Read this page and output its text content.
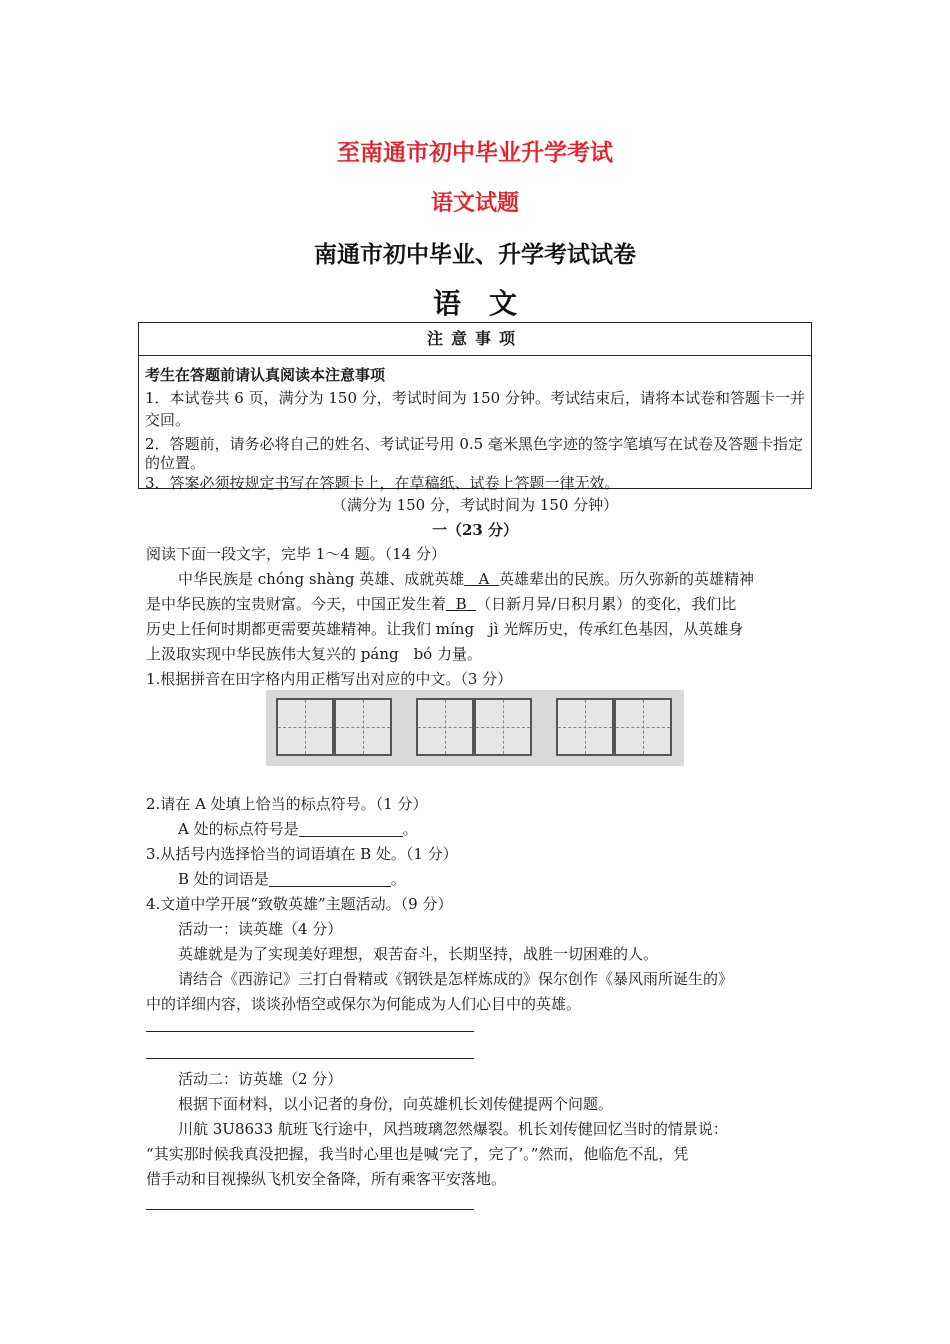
至南通市初中毕业升学考试
语文试题
南通市初中毕业、升学考试试卷
语　文
注意事项
考生在答题前请认真阅读本注意事项
1．本试卷共 6 页，满分为 150 分，考试时间为 150 分钟。考试结束后，请将本试卷和答题卡一并交回。
2．答题前，请务必将自己的姓名、考试证号用 0.5 毫米黑色字迹的签字笔填写在试卷及答题卡指定的位置。
3．答案必须按规定书写在答题卡上，在草稿纸、试卷上答题一律无效。
（满分为 150 分，考试时间为 150 分钟）
一（23 分）
阅读下面一段文字，完毕 1～4 题。（14 分）
中华民族是 chóng shàng 英雄、成就英雄 A 英雄辈出的民族。历久弥新的英雄精神
是中华民族的宝贵财富。今天，中国正发生着 B （日新月异/日积月累）的变化，我们比
历史上任何时期都更需要英雄精神。让我们 míng　jì 光辉历史，传承红色基因，从英雄身
上汲取实现中华民族伟大复兴的 páng　bó 力量。
1.根据拼音在田字格内用正楷写出对应的中文。（3 分）
2.请在 A 处填上恰当的标点符号。（1 分）
A 处的标点符号是	。
3.从括号内选择恰当的词语填在 B 处。（1 分）
B 处的词语是	。
4.文道中学开展“致敬英雄”主题活动。（9 分）
活动一：读英雄（4 分）
英雄就是为了实现美好理想，艰苦奋斗，长期坚持，战胜一切困难的人。
请结合《西游记》三打白骨精或《钢铁是怎样炼成的》保尔创作《暴风雨所诞生的》
中的详细内容，谈谈孙悟空或保尔为何能成为人们心目中的英雄。
活动二：访英雄（2 分）
根据下面材料，以小记者的身份，向英雄机长刘传健提两个问题。
川航 3U8633 航班飞行途中，风挡玻璃忽然爆裂。机长刘传健回忆当时的情景说：
“其实那时候我真没把握，我当时心里也是喊‘完了，完了’。”然而，他临危不乱，凭
借手动和目视操纵飞机安全备降，所有乘客平安落地。
